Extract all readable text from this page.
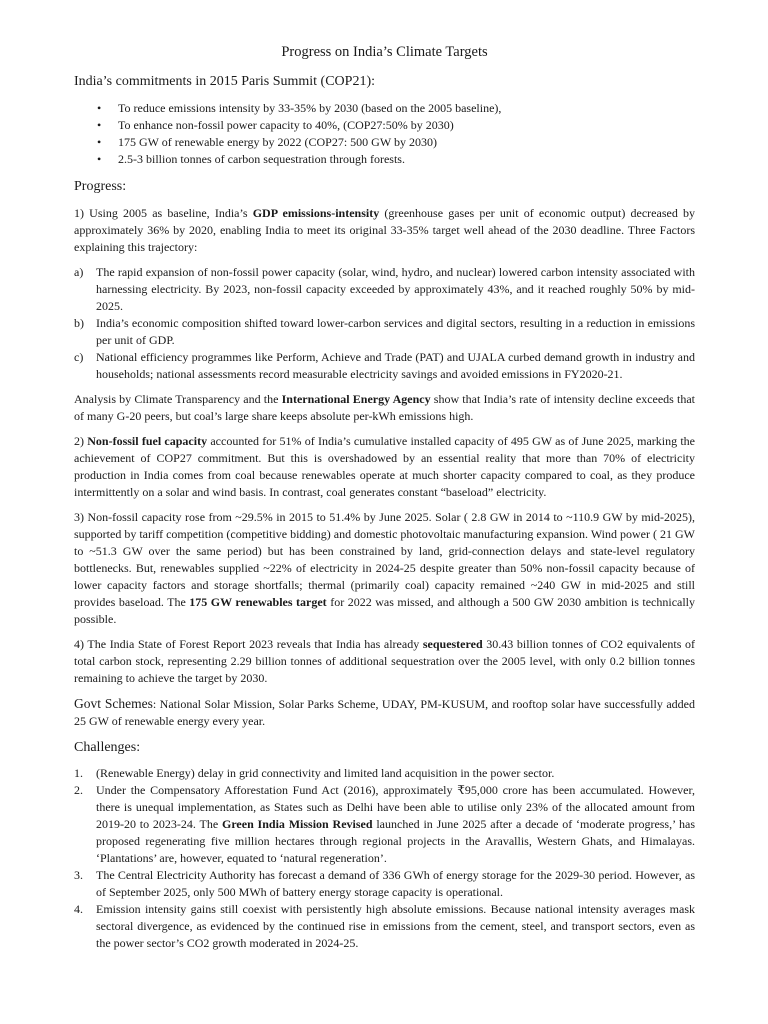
Progress on India’s Climate Targets
India’s commitments in 2015 Paris Summit (COP21):
• To reduce emissions intensity by 33-35% by 2030 (based on the 2005 baseline),
• To enhance non-fossil power capacity to 40%, (COP27:50% by 2030)
• 175 GW of renewable energy by 2022 (COP27: 500 GW by 2030)
• 2.5-3 billion tonnes of carbon sequestration through forests.
Progress:

1) Using 2005 as baseline, India’s GDP emissions-intensity (greenhouse gases per unit of economic output) decreased by approximately 36% by 2020, enabling India to meet its original 33-35% target well ahead of the 2030 deadline. Three Factors explaining this trajectory:

a) The rapid expansion of non-fossil power capacity (solar, wind, hydro, and nuclear) lowered carbon intensity associated with harnessing electricity. By 2023, non-fossil capacity exceeded by approximately 43%, and it reached roughly 50% by mid-2025.
b) India’s economic composition shifted toward lower-carbon services and digital sectors, resulting in a reduction in emissions per unit of GDP.
c) National efficiency programmes like Perform, Achieve and Trade (PAT) and UJALA curbed demand growth in industry and households; national assessments record measurable electricity savings and avoided emissions in FY2020-21.

Analysis by Climate Transparency and the International Energy Agency show that India’s rate of intensity decline exceeds that of many G-20 peers, but coal’s large share keeps absolute per-kWh emissions high.

2) Non-fossil fuel capacity accounted for 51% of India’s cumulative installed capacity of 495 GW as of June 2025, marking the achievement of COP27 commitment. But this is overshadowed by an essential reality that more than 70% of electricity production in India comes from coal because renewables operate at much shorter capacity compared to coal, as they produce intermittently on a solar and wind basis. In contrast, coal generates constant “baseload” electricity.

3) Non-fossil capacity rose from ~29.5% in 2015 to 51.4% by June 2025. Solar ( 2.8 GW in 2014 to ~110.9 GW by mid-2025), supported by tariff competition (competitive bidding) and domestic photovoltaic manufacturing expansion. Wind power ( 21 GW to ~51.3 GW over the same period) but has been constrained by land, grid-connection delays and state-level regulatory bottlenecks. But, renewables supplied ~22% of electricity in 2024-25 despite greater than 50% non-fossil capacity because of lower capacity factors and storage shortfalls; thermal (primarily coal) capacity remained ~240 GW in mid-2025 and still provides baseload. The 175 GW renewables target for 2022 was missed, and although a 500 GW 2030 ambition is technically possible.

4) The India State of Forest Report 2023 reveals that India has already sequestered 30.43 billion tonnes of CO2 equivalents of total carbon stock, representing 2.29 billion tonnes of additional sequestration over the 2005 level, with only 0.2 billion tonnes remaining to achieve the target by 2030.

Govt Schemes: National Solar Mission, Solar Parks Scheme, UDAY, PM-KUSUM, and rooftop solar have successfully added 25 GW of renewable energy every year.

Challenges:
1. (Renewable Energy) delay in grid connectivity and limited land acquisition in the power sector.
2. Under the Compensatory Afforestation Fund Act (2016), approximately ₹95,000 crore has been accumulated. However, there is unequal implementation, as States such as Delhi have been able to utilise only 23% of the allocated amount from 2019-20 to 2023-24. The Green India Mission Revised launched in June 2025 after a decade of ‘moderate progress,’ has proposed regenerating five million hectares through regional projects in the Aravallis, Western Ghats, and Himalayas. ‘Plantations’ are, however, equated to ‘natural regeneration’.
3. The Central Electricity Authority has forecast a demand of 336 GWh of energy storage for the 2029-30 period. However, as of September 2025, only 500 MWh of battery energy storage capacity is operational.
4. Emission intensity gains still coexist with persistently high absolute emissions. Because national intensity averages mask sectoral divergence, as evidenced by the continued rise in emissions from the cement, steel, and transport sectors, even as the power sector’s CO2 growth moderated in 2024-25.
